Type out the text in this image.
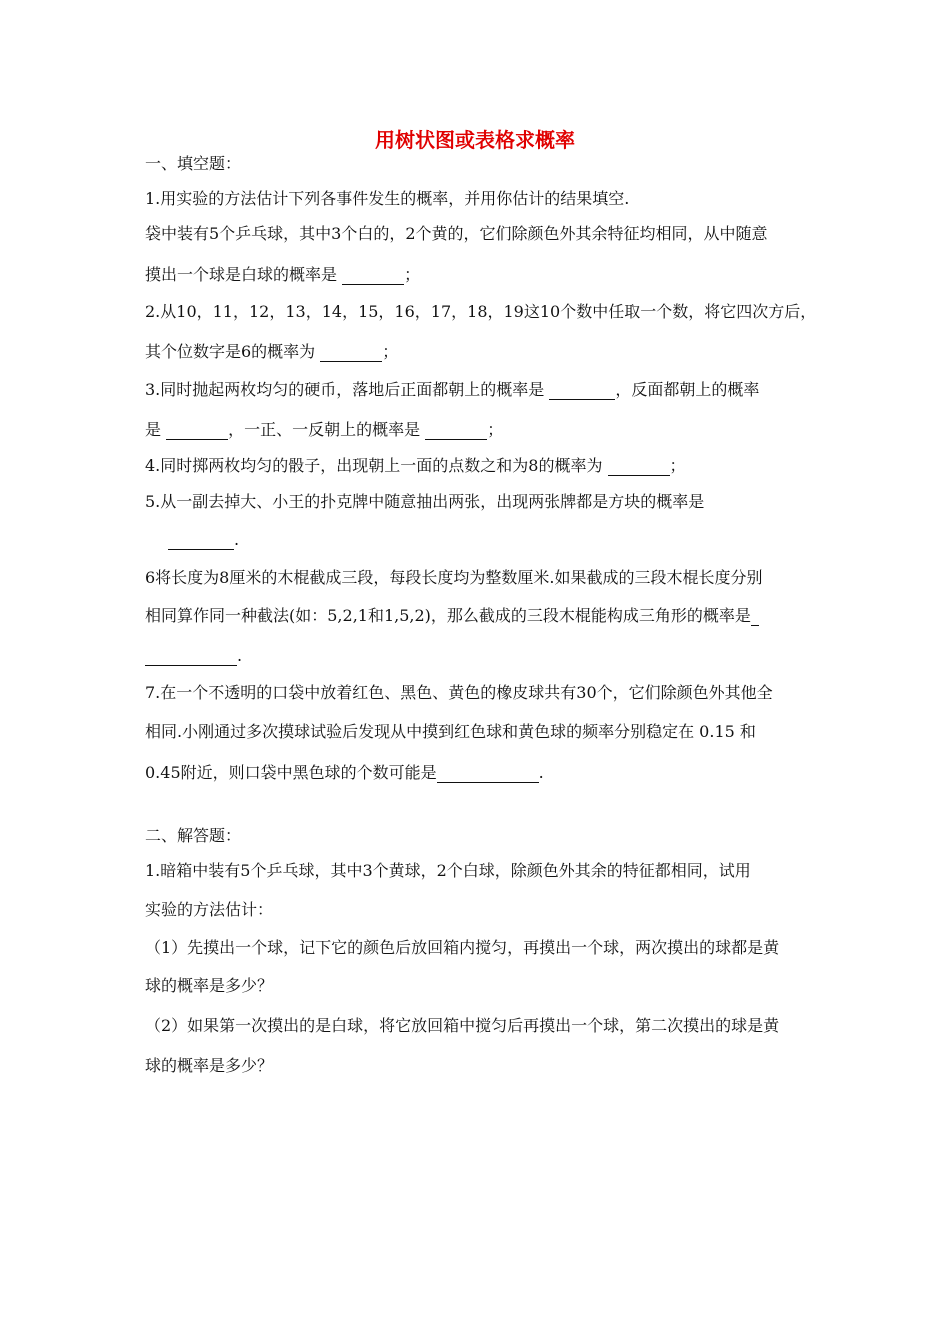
用树状图或表格求概率
一、填空题：
1.用实验的方法估计下列各事件发生的概率，并用你估计的结果填空.
袋中装有5个乒乓球，其中3个白的，2个黄的，它们除颜色外其余特征均相同，从中随意
摸出一个球是白球的概率是	；
2.从10，11，12，13，14，15，16，17，18，19这10个数中任取一个数，将它四次方后，
其个位数字是6的概率为	；
3.同时抛起两枚均匀的硬币，落地后正面都朝上的概率是	，反面都朝上的概率
是	，一正、一反朝上的概率是	；
4.同时掷两枚均匀的骰子，出现朝上一面的点数之和为8的概率为	；
5.从一副去掉大、小王的扑克牌中随意抽出两张，出现两张牌都是方块的概率是
.
6将长度为8厘米的木棍截成三段，每段长度均为整数厘米.如果截成的三段木棍长度分别
相同算作同一种截法(如：5,2,1和1,5,2)，那么截成的三段木棍能构成三角形的概率是
.
7.在一个不透明的口袋中放着红色、黑色、黄色的橡皮球共有30个，它们除颜色外其他全
相同.小刚通过多次摸球试验后发现从中摸到红色球和黄色球的频率分别稳定在 0.15 和
0.45附近，则口袋中黑色球的个数可能是	.
二、解答题：
1.暗箱中装有5个乒乓球，其中3个黄球，2个白球，除颜色外其余的特征都相同，试用
实验的方法估计：
（1）先摸出一个球，记下它的颜色后放回箱内搅匀，再摸出一个球，两次摸出的球都是黄
球的概率是多少？
（2）如果第一次摸出的是白球，将它放回箱中搅匀后再摸出一个球，第二次摸出的球是黄
球的概率是多少？
